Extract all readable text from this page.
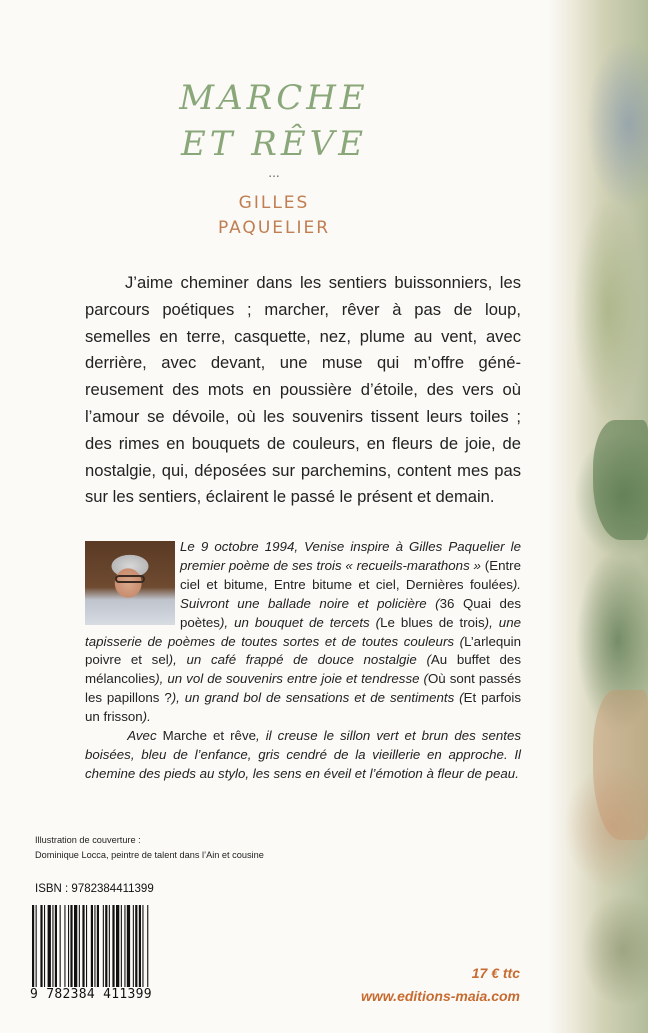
MARCHE
ET RÊVE
...
GILLES
PAQUELIER

J’aime cheminer dans les sentiers buissonniers, les parcours poétiques ; marcher, rêver à pas de loup, semelles en terre, casquette, nez, plume au vent, avec derrière, avec devant, une muse qui m’offre géné-reusement des mots en poussière d’étoile, des vers où l’amour se dévoile, où les souvenirs tissent leurs toiles ; des rimes en bouquets de couleurs, en fleurs de joie, de nostalgie, qui, déposées sur parchemins, content mes pas sur les sentiers, éclairent le passé le présent et demain.

Le 9 octobre 1994, Venise inspire à Gilles Paquelier le premier poème de ses trois « recueils-marathons » (Entre ciel et bitume, Entre bitume et ciel, Dernières foulées). Suivront une ballade noire et policière (36 Quai des poètes), un bouquet de tercets (Le blues de trois), une tapisserie de poèmes de toutes sortes et de toutes couleurs (L’arlequin poivre et sel), un café frappé de douce nostalgie (Au buffet des mélancolies), un vol de souvenirs entre joie et tendresse (Où sont passés les papillons ?), un grand bol de sensations et de sentiments (Et parfois un frisson).

Avec Marche et rêve, il creuse le sillon vert et brun des sentes boisées, bleu de l’enfance, gris cendré de la vieillerie en approche. Il chemine des pieds au stylo, les sens en éveil et l’émotion à fleur de peau.

Illustration de couverture :
Dominique Locca, peintre de talent dans l’Ain et cousine
ISBN : 9782384411399
9 782384 411399
17 € ttc
www.editions-maia.com
